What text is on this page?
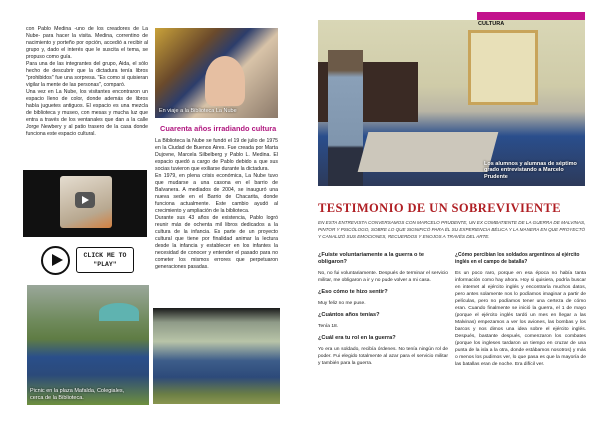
con Pablo Medina -uno de los creadores de La Nube- para hacer la visita. Medina, correntino de nacimiento y porteño por opción, accedió a recibir al grupo y, dado el interés que le suscita el tema, se propuso como guía.

Para una de las integrantes del grupo, Aida, el sólo hecho de descubrir que la dictadura tenía libros "prohibidos" fue una sorpresa. "Es como si quisieran vigilar la mente de las personas", comparó.

Una vez en La Nube, los visitantes encontraron un espacio lleno de color, donde además de libros había juguetes antiguos. El espacio es una mezcla de biblioteca y museo, con mesas y mucha luz que entra a través de los ventanales que dan a la calle Jorge Newbery y al patio trasero de la casa donde funciona este espacio cultural.

En viaje a la Biblioteca La Nube
Cuarenta años irradiando cultura

La Biblioteca la Nube se fundó el 19 de julio de 1975 en la Ciudad de Buenos Aires. Fue creada por Marta Dujovne, Marcela Silbelberg y Pablo L. Medina. El espacio quedó a cargo de Pablo debido a que sus socias tuvieron que exiliarse durante la dictadura.

En 1979, en plena crisis económica, La Nube tuvo que mudarse a una casona en el barrio de Balvanera. A mediados de 2004, se inauguró una nueva sede en el Barrio de Chacarita, donde funciona actualmente. Este cambio ayudó al crecimiento y ampliación de la biblioteca.

Durante sus 43 años de existencia, Pablo logró reunir más de ochenta mil libros dedicados a la cultura de la infancia. Es parte de un proyecto cultural que tiene por finalidad animar la lectura desde la infancia y establecer en los infantes la necesidad de conocer y entender el pasado para no cometer los mismos errores que perpetuaron generaciones pasadas.

CLICK ME TO "PLAY"
Picnic en la plaza Mafalda, Colegiales, cerca de la Biblioteca.
Los alumnos y alumnas de séptimo grado entrevistando a Marcelo Prudente
CULTURA
TESTIMONIO DE UN SOBREVIVIENTE
EN ESTA ENTREVISTA CONVERSAMOS CON MARCELO PRUDENTE, UN EX COMBATIENTE DE LA GUERRA DE MALVINAS, PINTOR Y PSICÓLOGO, SOBRE LO QUE SIGNIFICÓ PARA ÉL SU EXPERIENCIA BÉLICA Y LA MANERA EN QUE PROYECTÓ Y CANALIZÓ SUS EMOCIONES, RECUERDOS Y ENOJOS A TRAVÉS DEL ARTE.
¿Fuiste voluntariamente a la guerra o te obligaron?
No, no fui voluntariamente. Después de terminar el servicio militar, me obligaron a ir y no pude volver a mi casa.
¿Eso cómo te hizo sentir?
Muy feliz no me puse.
¿Cuántos años tenías?
Tenía 18.
¿Cuál era tu rol en la guerra?
Yo era un soldado, recibía órdenes. No tenía ningún rol de poder. Fui elegido totalmente al azar para el servicio militar y también para la guerra.
¿Cómo percibían los soldados argentinos al ejército inglés en el campo de batalla?
Es un poco raro, porque en esa época no había tanta información como hay ahora. Hoy si quisiera, podría buscar en internet al ejército inglés y encontraría muchos datos, pero antes solamente nos lo podíamos imaginar a partir de películas, pero no podíamos tener una certeza de cómo eran. Cuando finalmente se inició la guerra, el 1 de mayo (porque el ejército inglés tardó un mes en llegar a las Malvinas) empezamos a ver los aviones, las bombas y los barcos y nos dimos una idea sobre el ejército inglés. Después, bastante después, comenzaron los combates (porque los ingleses tardaron un tiempo en cruzar de una punta de la isla a la otra, donde estábamos nosotros) y más o menos los pudimos ver, lo que pasa es que la mayoría de las batallas eran de noche. Era difícil ver.
